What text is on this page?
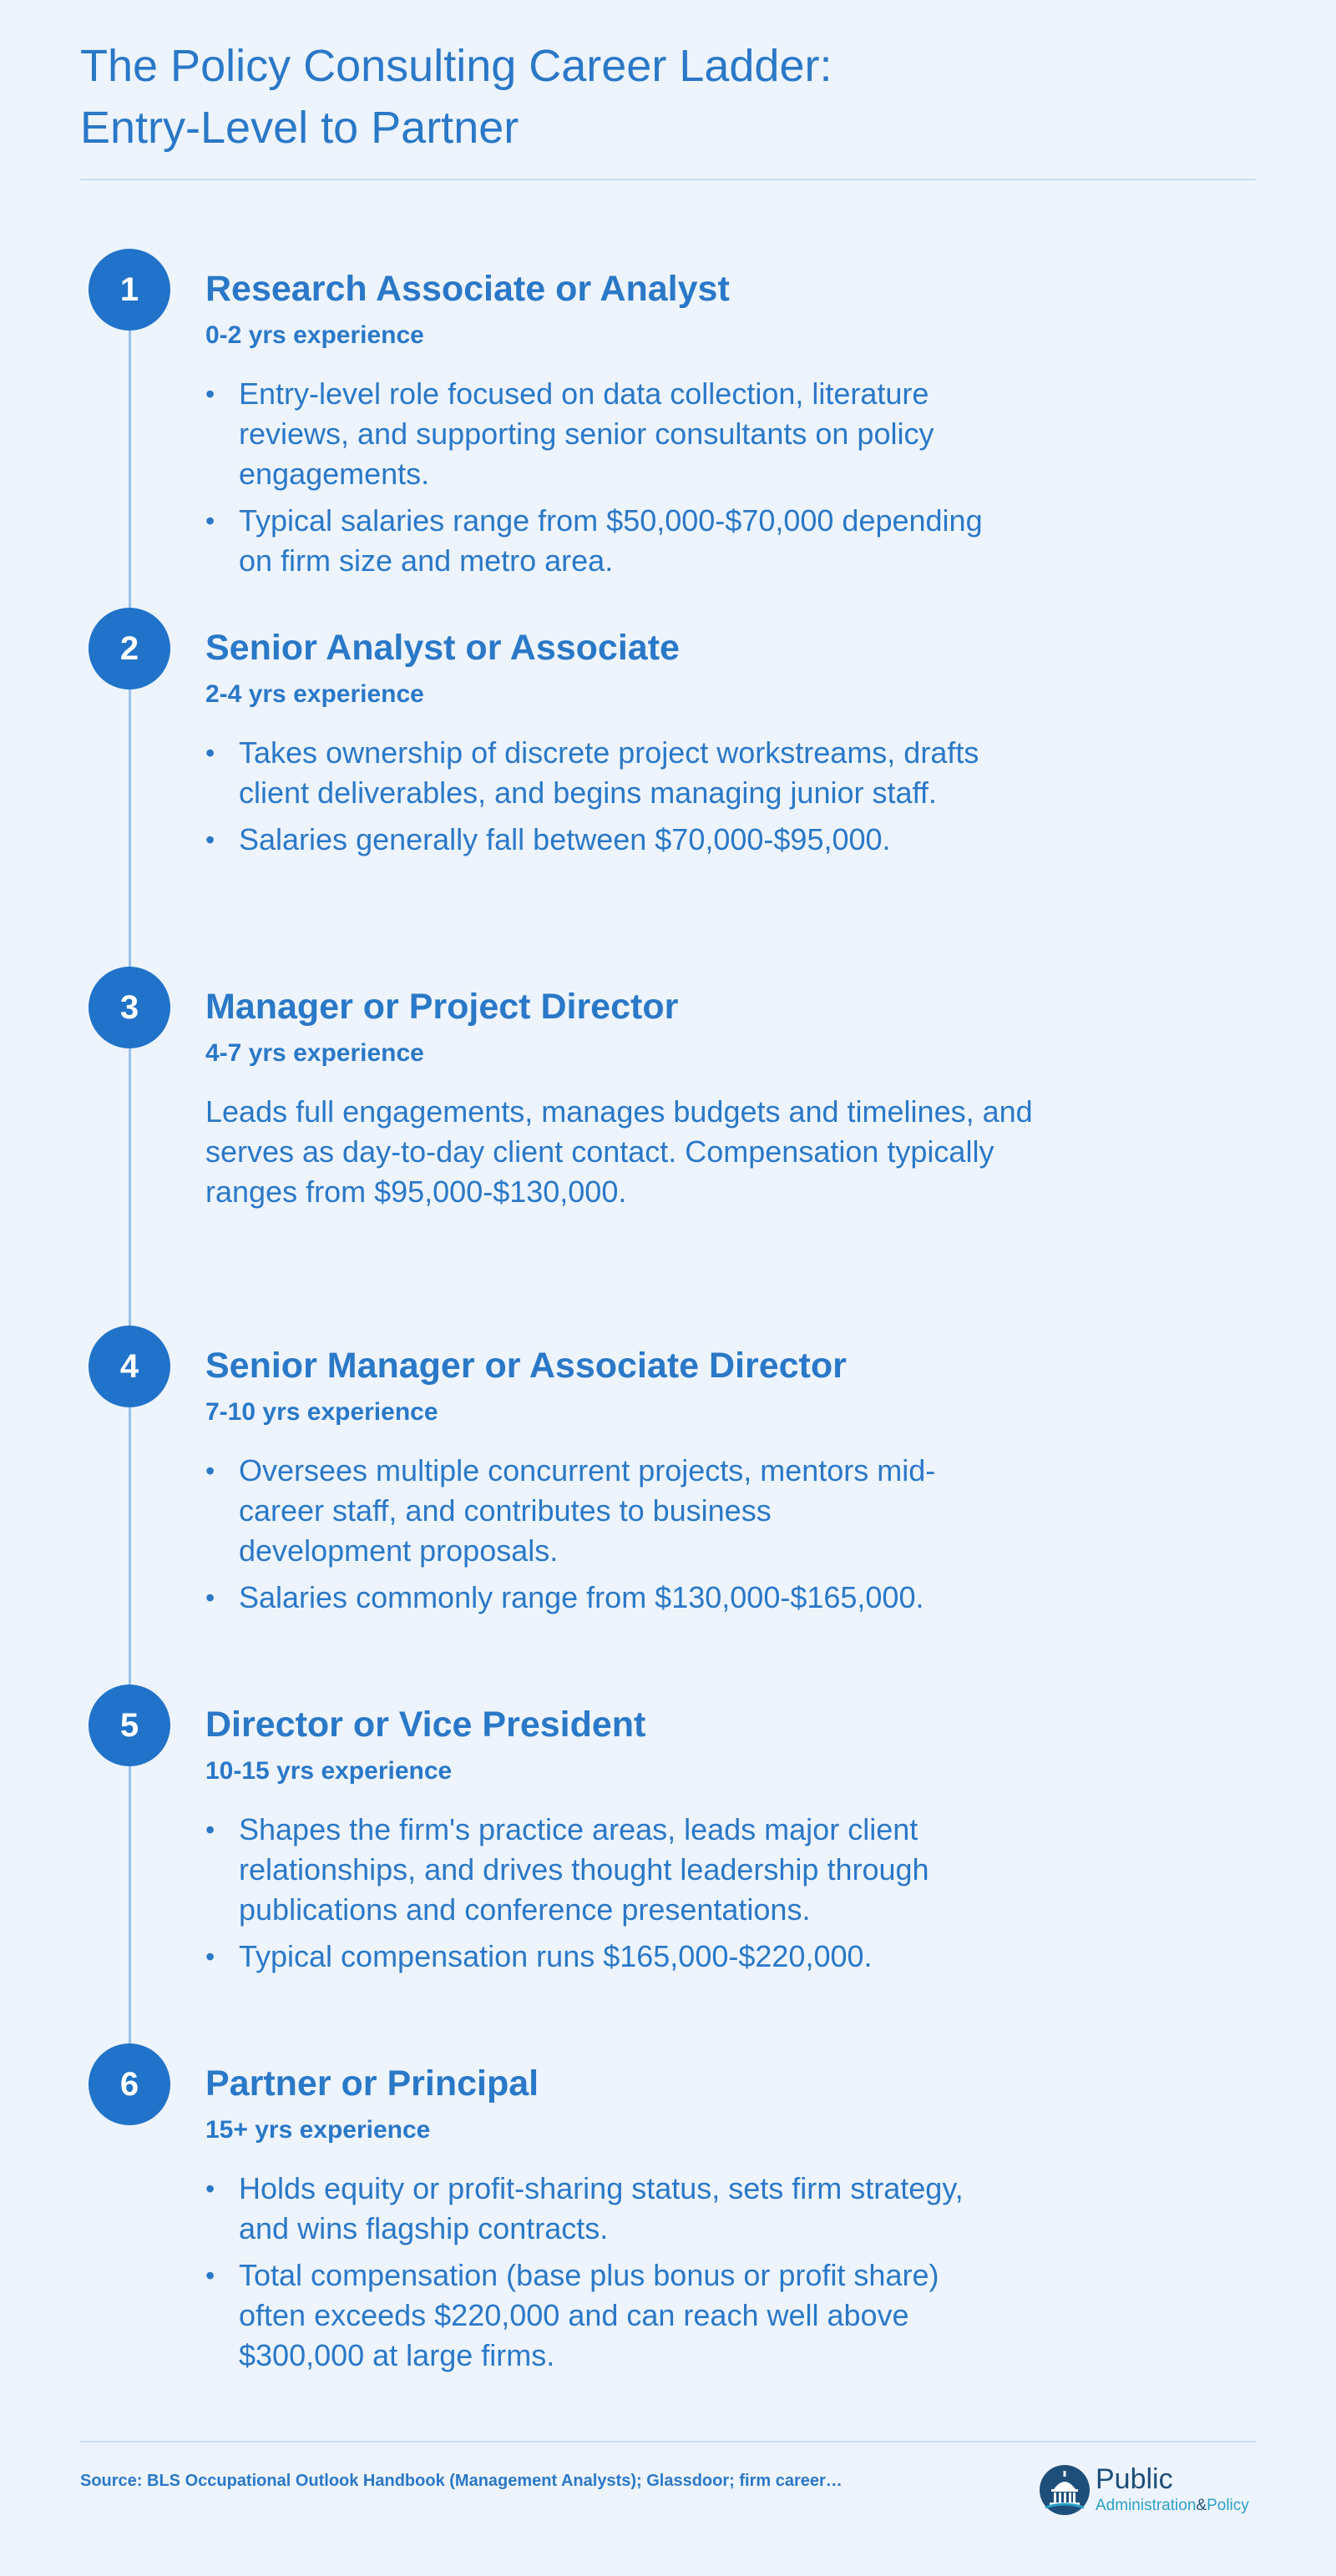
The Policy Consulting Career Ladder:
Entry-Level to Partner
1	Research Associate or Analyst

0-2 yrs experience

• Entry-level role focused on data collection, literature reviews, and supporting senior consultants on policy engagements.
• Typical salaries range from $50,000-$70,000 depending on firm size and metro area.
2	Senior Analyst or Associate

2-4 yrs experience

• Takes ownership of discrete project workstreams, drafts client deliverables, and begins managing junior staff.
• Salaries generally fall between $70,000-$95,000.
3	Manager or Project Director

4-7 yrs experience

Leads full engagements, manages budgets and timelines, and serves as day-to-day client contact. Compensation typically ranges from $95,000-$130,000.

4	Senior Manager or Associate Director

7-10 yrs experience

• Oversees multiple concurrent projects, mentors mid-career staff, and contributes to business development proposals.
• Salaries commonly range from $130,000-$165,000.
5	Director or Vice President

10-15 yrs experience

• Shapes the firm's practice areas, leads major client relationships, and drives thought leadership through publications and conference presentations.
• Typical compensation runs $165,000-$220,000.
6	Partner or Principal

15+ yrs experience

• Holds equity or profit-sharing status, sets firm strategy, and wins flagship contracts.
• Total compensation (base plus bonus or profit share) often exceeds $220,000 and can reach well above $300,000 at large firms.
Source: BLS Occupational Outlook Handbook (Management Analysts); Glassdoor; firm career…	Public
Administration&Policy
